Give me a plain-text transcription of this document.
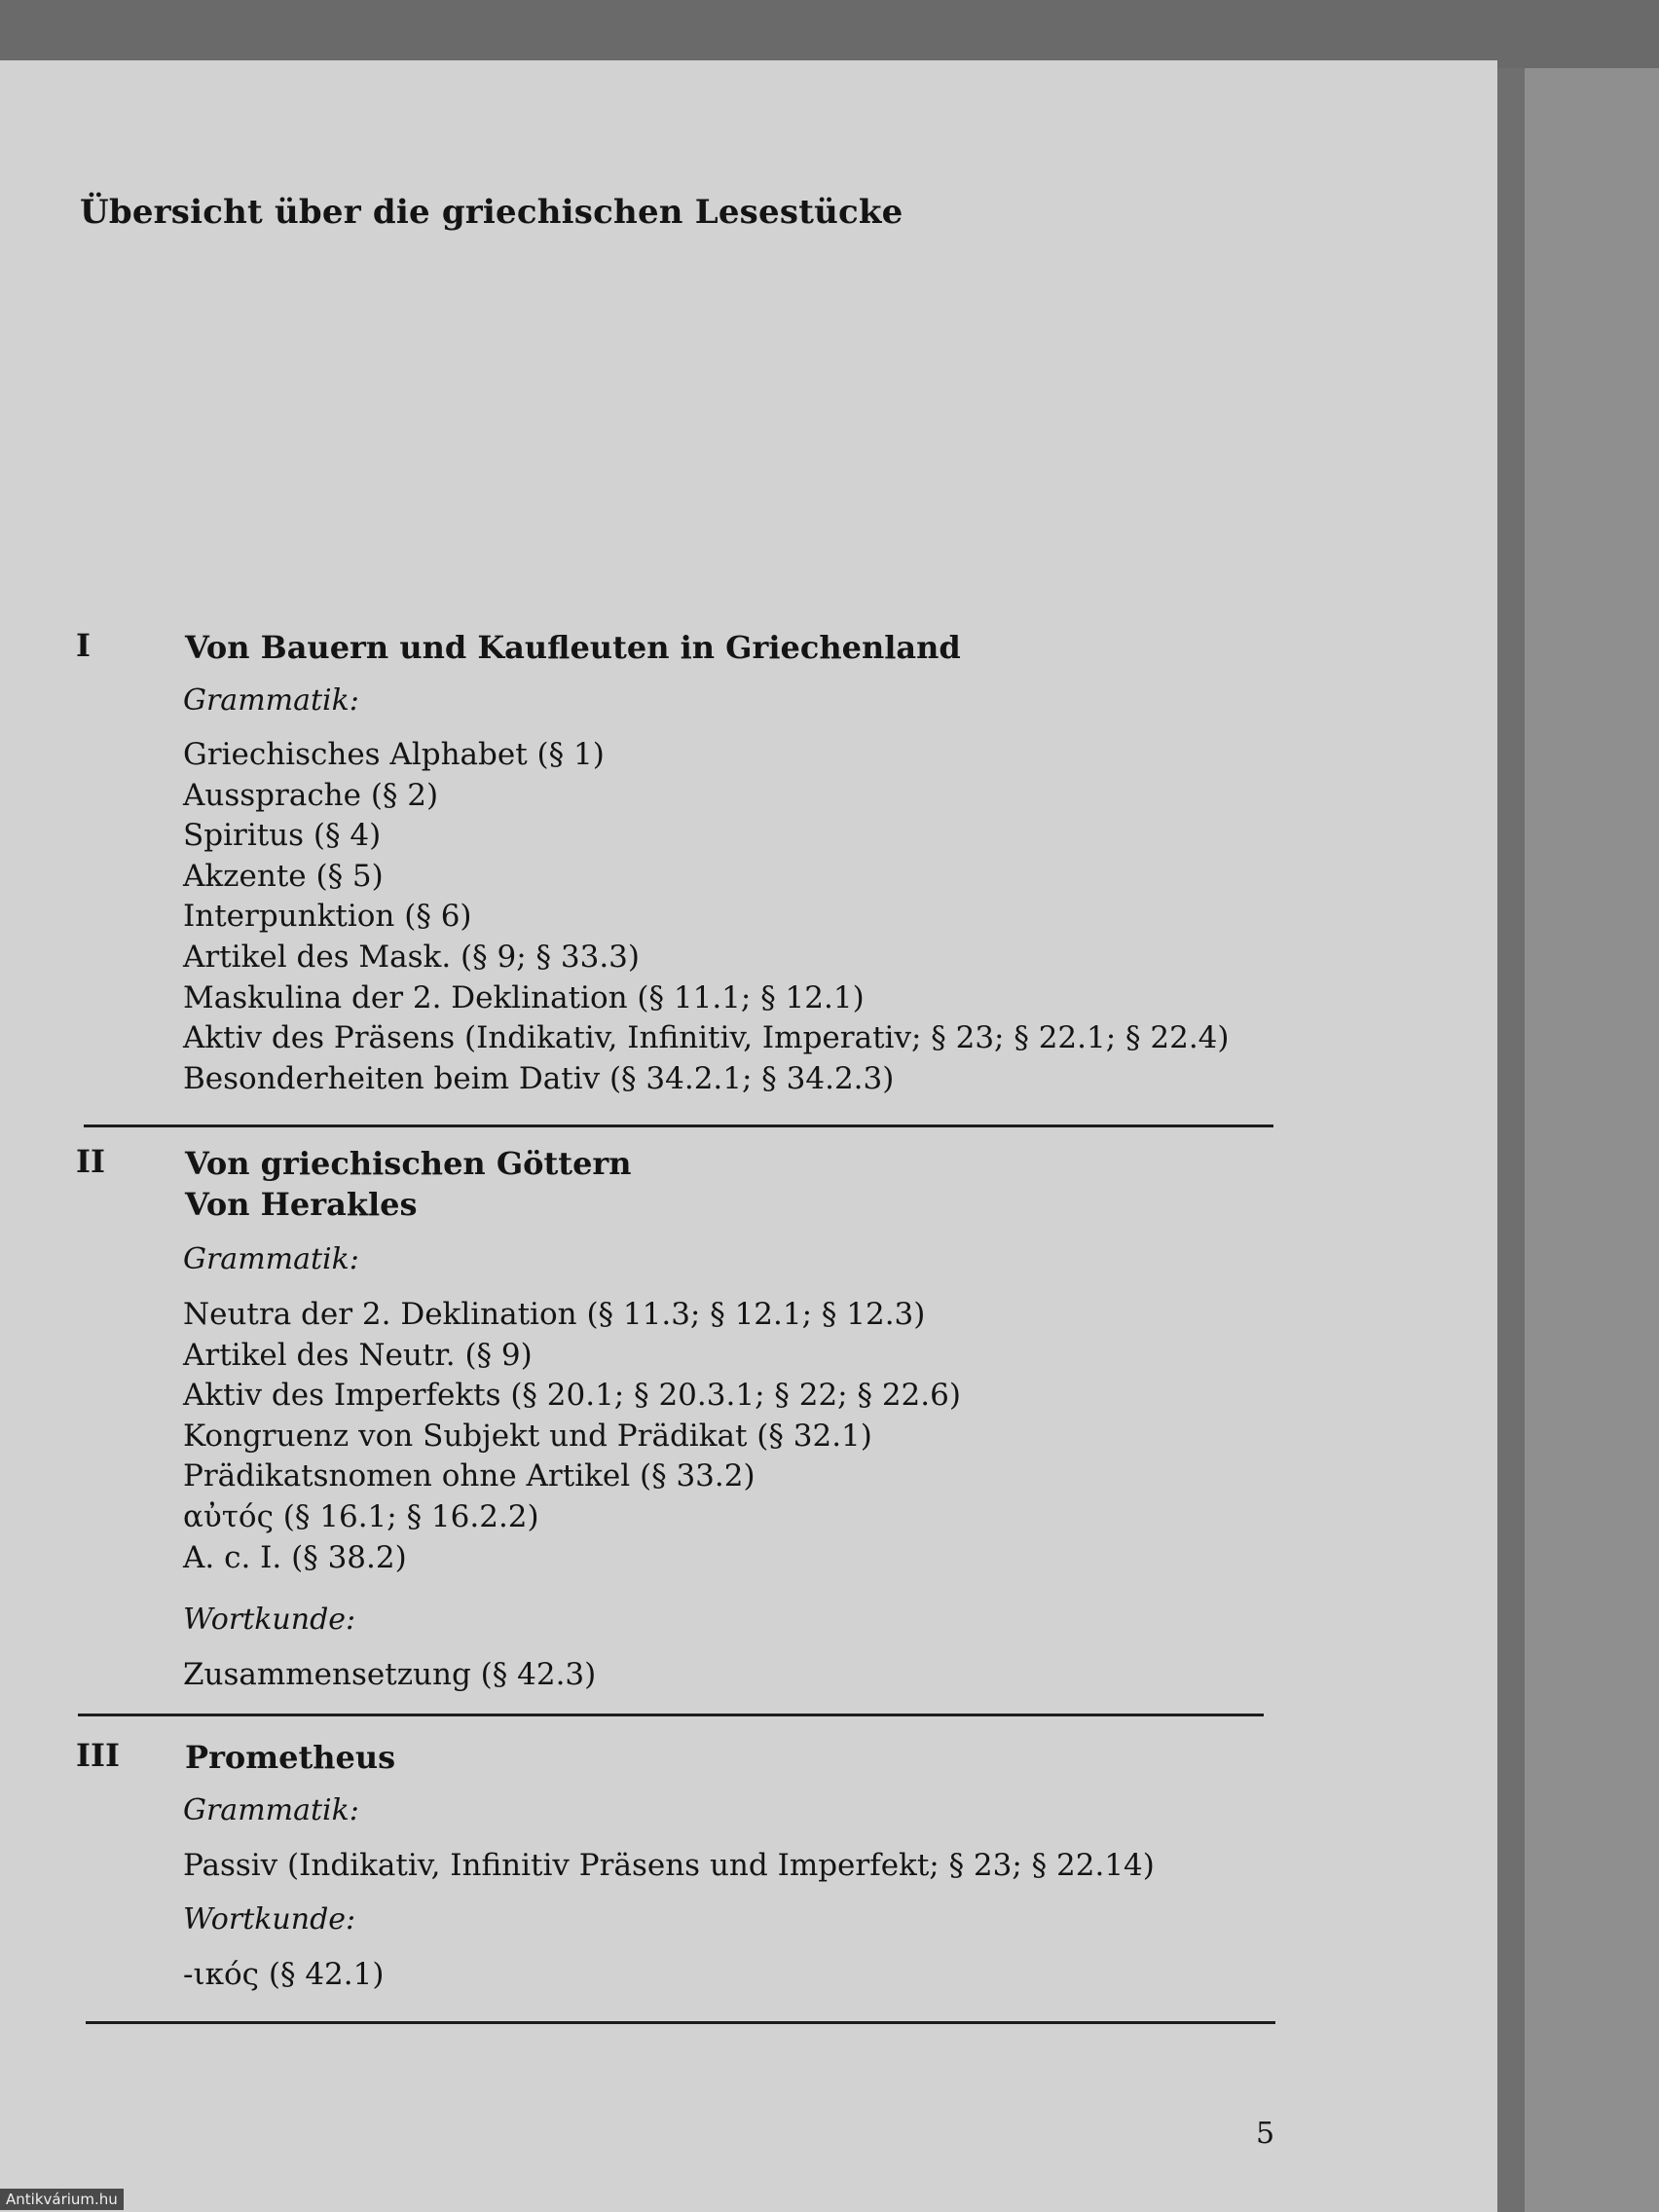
Übersicht über die griechischen Lesestücke
I	Von Bauern und Kaufleuten in Griechenland
Grammatik:
Griechisches Alphabet (§ 1)
Aussprache (§ 2)
Spiritus (§ 4)
Akzente (§ 5)
Interpunktion (§ 6)
Artikel des Mask. (§ 9; § 33.3)
Maskulina der 2. Deklination (§ 11.1; § 12.1)
Aktiv des Präsens (Indikativ, Infinitiv, Imperativ; § 23; § 22.1; § 22.4)
Besonderheiten beim Dativ (§ 34.2.1; § 34.2.3)
II	Von griechischen Göttern
Von Herakles
Grammatik:
Neutra der 2. Deklination (§ 11.3; § 12.1; § 12.3)
Artikel des Neutr. (§ 9)
Aktiv des Imperfekts (§ 20.1; § 20.3.1; § 22; § 22.6)
Kongruenz von Subjekt und Prädikat (§ 32.1)
Prädikatsnomen ohne Artikel (§ 33.2)
αὐτός (§ 16.1; § 16.2.2)
A. c. I. (§ 38.2)
Wortkunde:
Zusammensetzung (§ 42.3)
III Prometheus
Grammatik:
Passiv (Indikativ, Infinitiv Präsens und Imperfekt; § 23; § 22.14)
Wortkunde:
-ικός (§ 42.1)
5
Antikvárium.hu
